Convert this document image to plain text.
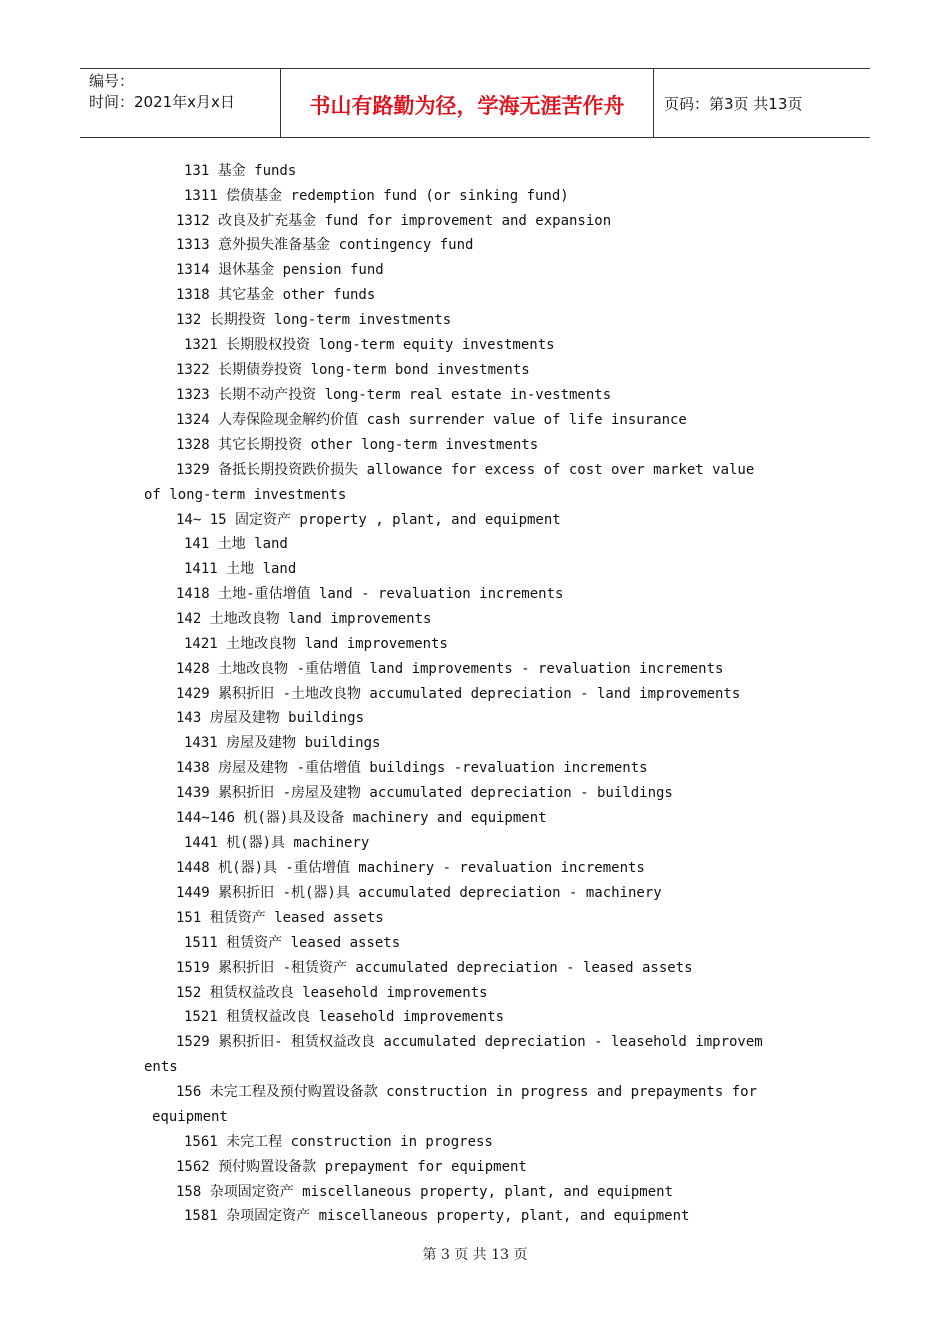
编号：
时间：2021年x月x日	书山有路勤为径，学海无涯苦作舟	页码：第3页 共13页
131 基金 funds
1311 偿债基金 redemption fund (or sinking fund)
1312 改良及扩充基金 fund for improvement and expansion
1313 意外损失准备基金 contingency fund
1314 退休基金 pension fund
1318 其它基金 other funds
132 长期投资 long-term investments
1321 长期股权投资 long-term equity investments
1322 长期债券投资 long-term bond investments
1323 长期不动产投资 long-term real estate in-vestments
1324 人寿保险现金解约价值 cash surrender value of life insurance
1328 其它长期投资 other long-term investments
1329 备抵长期投资跌价损失 allowance for excess of cost over market value
of long-term investments
14~ 15 固定资产 property , plant, and equipment
141 土地 land
1411 土地 land
1418 土地-重估增值 land - revaluation increments
142 土地改良物 land improvements
1421 土地改良物 land improvements
1428 土地改良物 -重估增值 land improvements - revaluation increments
1429 累积折旧 -土地改良物 accumulated depreciation - land improvements
143 房屋及建物 buildings
1431 房屋及建物 buildings
1438 房屋及建物 -重估增值 buildings -revaluation increments
1439 累积折旧 -房屋及建物 accumulated depreciation - buildings
144~146 机(器)具及设备 machinery and equipment
1441 机(器)具 machinery
1448 机(器)具 -重估增值 machinery - revaluation increments
1449 累积折旧 -机(器)具 accumulated depreciation - machinery
151 租赁资产 leased assets
1511 租赁资产 leased assets
1519 累积折旧 -租赁资产 accumulated depreciation - leased assets
152 租赁权益改良 leasehold improvements
1521 租赁权益改良 leasehold improvements
1529 累积折旧- 租赁权益改良 accumulated depreciation - leasehold improvem
ents
156 未完工程及预付购置设备款 construction in progress and prepayments for
equipment
1561 未完工程 construction in progress
1562 预付购置设备款 prepayment for equipment
158 杂项固定资产 miscellaneous property, plant, and equipment
1581 杂项固定资产 miscellaneous property, plant, and equipment
第 3 页 共 13 页
